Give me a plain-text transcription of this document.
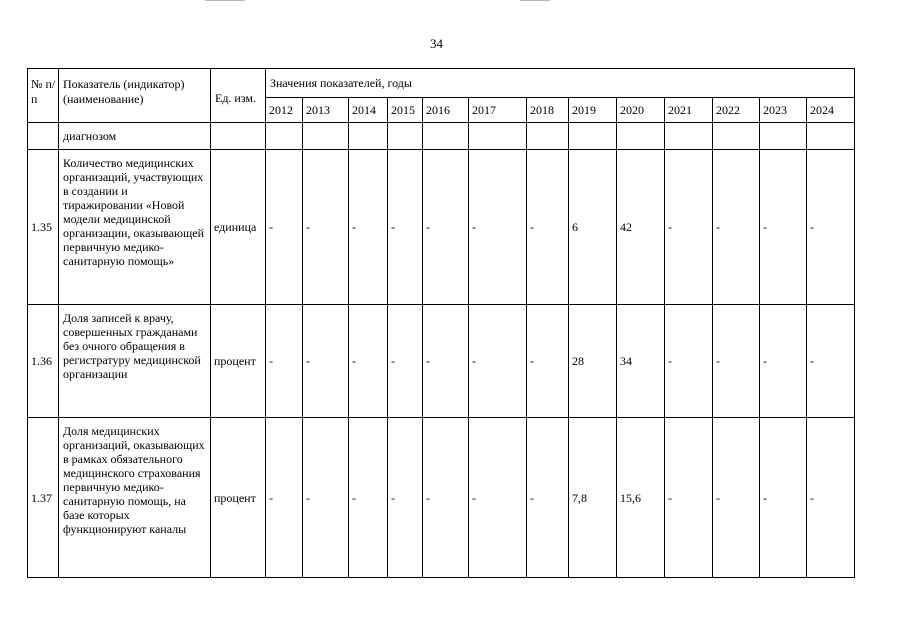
34
№ п/п	Показатель (индикатор) (наименование)	Ед. изм.	Значения показателей, годы												
			2012	2013	2014	2015	2016	2017	2018	2019	2020	2021	2022	2023	2024
	диагнозом														
1.35	Количество медицинских организаций, участвующих в создании и тиражировании «Новой модели медицинской организации, оказывающей первичную медико-санитарную помощь»	единица	-	-	-	-	-	-	-	6	42	-	-	-	-
1.36	Доля записей к врачу, совершенных гражданами без очного обращения в регистратуру медицинской организации	процент	-	-	-	-	-	-	-	28	34	-	-	-	-
1.37	Доля медицинских организаций, оказывающих в рамках обязательного медицинского страхования первичную медико-санитарную помощь, на базе которых функционируют каналы	процент	-	-	-	-	-	-	-	7,8	15,6	-	-	-	-
